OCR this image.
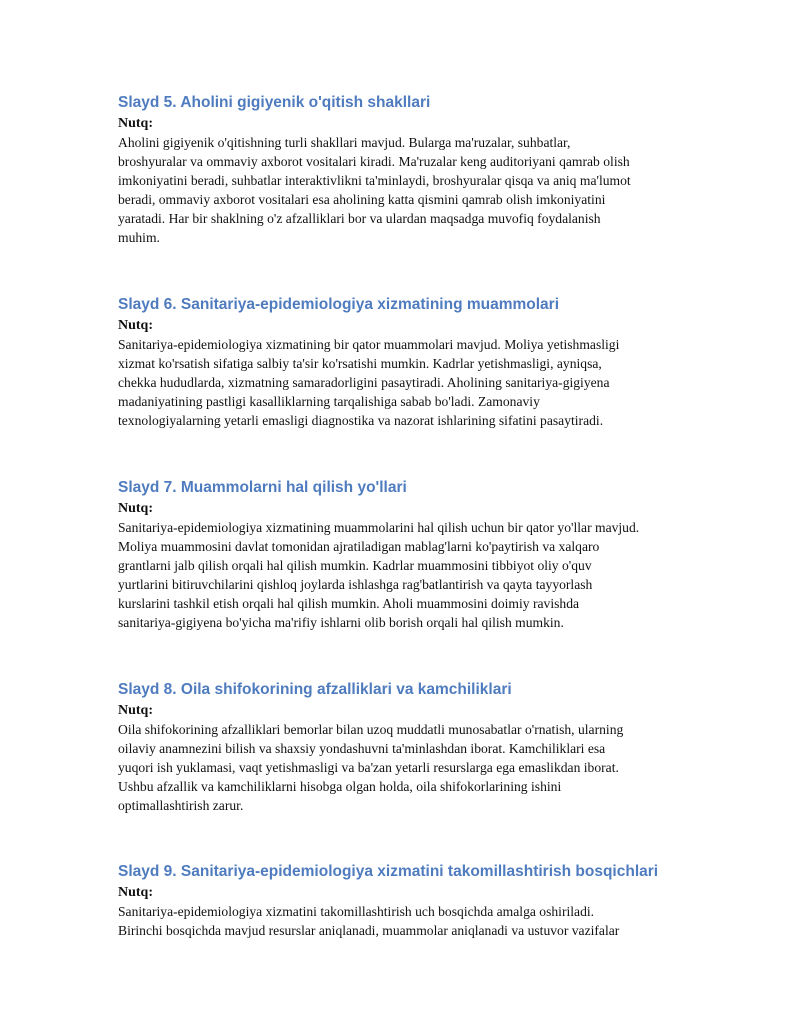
Slayd 5. Aholini gigiyenik o'qitish shakllari

Nutq:

Aholini gigiyenik o'qitishning turli shakllari mavjud. Bularga ma'ruzalar, suhbatlar,
broshyuralar va ommaviy axborot vositalari kiradi. Ma'ruzalar keng auditoriyani qamrab olish
imkoniyatini beradi, suhbatlar interaktivlikni ta'minlaydi, broshyuralar qisqa va aniq ma'lumot
beradi, ommaviy axborot vositalari esa aholining katta qismini qamrab olish imkoniyatini
yaratadi. Har bir shaklning o'z afzalliklari bor va ulardan maqsadga muvofiq foydalanish
muhim.

Slayd 6. Sanitariya-epidemiologiya xizmatining muammolari

Nutq:

Sanitariya-epidemiologiya xizmatining bir qator muammolari mavjud. Moliya yetishmasligi
xizmat ko'rsatish sifatiga salbiy ta'sir ko'rsatishi mumkin. Kadrlar yetishmasligi, ayniqsa,
chekka hududlarda, xizmatning samaradorligini pasaytiradi. Aholining sanitariya-gigiyena
madaniyatining pastligi kasalliklarning tarqalishiga sabab bo'ladi. Zamonaviy
texnologiyalarning yetarli emasligi diagnostika va nazorat ishlarining sifatini pasaytiradi.

Slayd 7. Muammolarni hal qilish yo'llari

Nutq:

Sanitariya-epidemiologiya xizmatining muammolarini hal qilish uchun bir qator yo'llar mavjud.
Moliya muammosini davlat tomonidan ajratiladigan mablag'larni ko'paytirish va xalqaro
grantlarni jalb qilish orqali hal qilish mumkin. Kadrlar muammosini tibbiyot oliy o'quv
yurtlarini bitiruvchilarini qishloq joylarda ishlashga rag'batlantirish va qayta tayyorlash
kurslarini tashkil etish orqali hal qilish mumkin. Aholi muammosini doimiy ravishda
sanitariya-gigiyena bo'yicha ma'rifiy ishlarni olib borish orqali hal qilish mumkin.

Slayd 8. Oila shifokorining afzalliklari va kamchiliklari

Nutq:

Oila shifokorining afzalliklari bemorlar bilan uzoq muddatli munosabatlar o'rnatish, ularning
oilaviy anamnezini bilish va shaxsiy yondashuvni ta'minlashdan iborat. Kamchiliklari esa
yuqori ish yuklamasi, vaqt yetishmasligi va ba'zan yetarli resurslarga ega emaslikdan iborat.
Ushbu afzallik va kamchiliklarni hisobga olgan holda, oila shifokorlarining ishini
optimallashtirish zarur.

Slayd 9. Sanitariya-epidemiologiya xizmatini takomillashtirish bosqichlari

Nutq:

Sanitariya-epidemiologiya xizmatini takomillashtirish uch bosqichda amalga oshiriladi.
Birinchi bosqichda mavjud resurslar aniqlanadi, muammolar aniqlanadi va ustuvor vazifalar
